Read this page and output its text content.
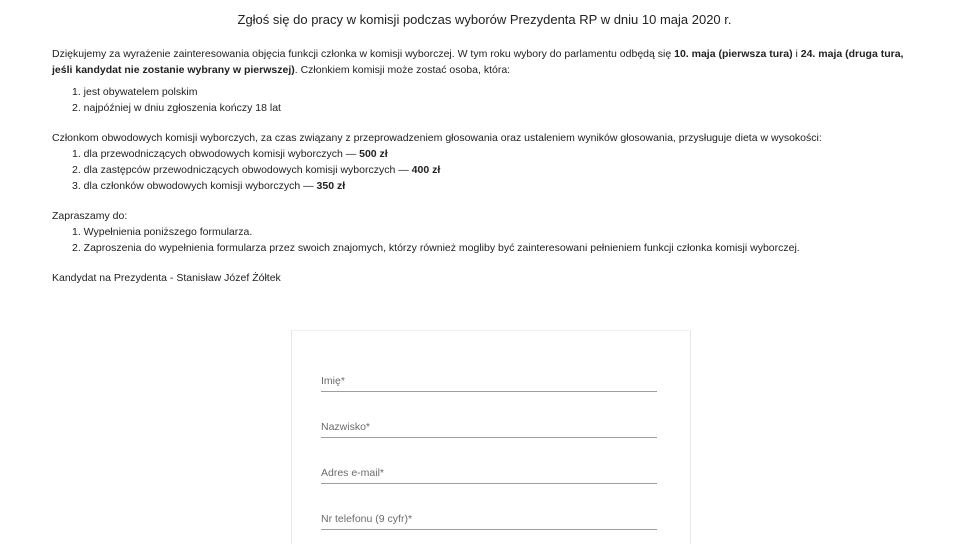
Zgłoś się do pracy w komisji podczas wyborów Prezydenta RP w dniu 10 maja 2020 r.

Dziękujemy za wyrażenie zainteresowania objęcia funkcji członka w komisji wyborczej. W tym roku wybory do parlamentu odbędą się 10. maja (pierwsza tura) i 24. maja (druga tura, jeśli kandydat nie zostanie wybrany w pierwszej). Członkiem komisji może zostać osoba, która:

1. jest obywatelem polskim
2. najpóźniej w dniu zgłoszenia kończy 18 lat

Członkom obwodowych komisji wyborczych, za czas związany z przeprowadzeniem głosowania oraz ustaleniem wyników głosowania, przysługuje dieta w wysokości:

1. dla przewodniczących obwodowych komisji wyborczych — 500 zł
2. dla zastępców przewodniczących obwodowych komisji wyborczych — 400 zł
3. dla członków obwodowych komisji wyborczych — 350 zł

Zapraszamy do:

1. Wypełnienia poniższego formularza.
2. Zaproszenia do wypełnienia formularza przez swoich znajomych, którzy również mogliby być zainteresowani pełnieniem funkcji członka komisji wyborczej.

Kandydat na Prezydenta - Stanisław Józef Żółtek

Imię*
Nazwisko*
Adres e-mail*
Nr telefonu (9 cyfr)*
